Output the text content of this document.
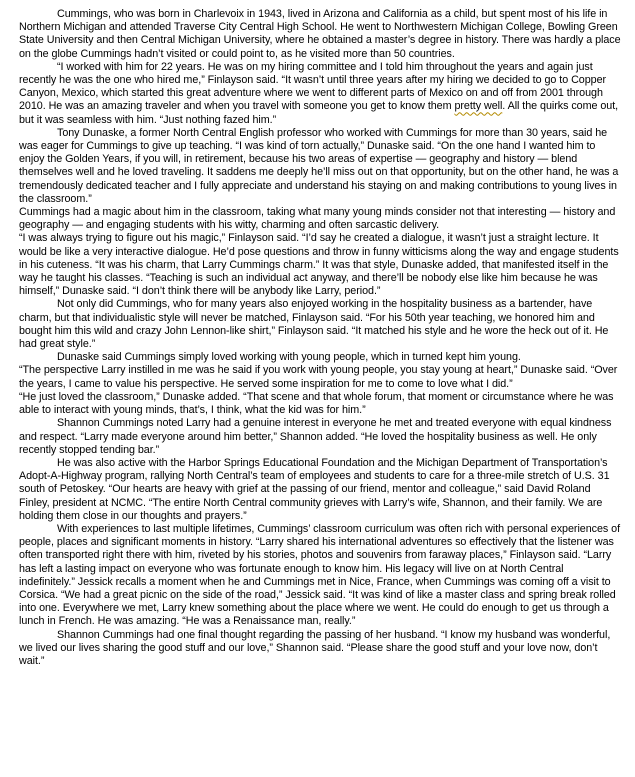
Cummings, who was born in Charlevoix in 1943, lived in Arizona and California as a child, but spent most of his life in Northern Michigan and attended Traverse City Central High School. He went to Northwestern Michigan College, Bowling Green State University and then Central Michigan University, where he obtained a master’s degree in history. There was hardly a place on the globe Cummings hadn’t visited or could point to, as he visited more than 50 countries.

“I worked with him for 22 years. He was on my hiring committee and I told him throughout the years and again just recently he was the one who hired me,” Finlayson said. “It wasn’t until three years after my hiring we decided to go to Copper Canyon, Mexico, which started this great adventure where we went to different parts of Mexico on and off from 2001 through 2010. He was an amazing traveler and when you travel with someone you get to know them pretty well. All the quirks come out, but it was seamless with him. “Just nothing fazed him.”

Tony Dunaske, a former North Central English professor who worked with Cummings for more than 30 years, said he was eager for Cummings to give up teaching. “I was kind of torn actually,” Dunaske said. “On the one hand I wanted him to enjoy the Golden Years, if you will, in retirement, because his two areas of expertise — geography and history — blend themselves well and he loved traveling. It saddens me deeply he’ll miss out on that opportunity, but on the other hand, he was a tremendously dedicated teacher and I fully appreciate and understand his staying on and making contributions to young lives in the classroom.”

Cummings had a magic about him in the classroom, taking what many young minds consider not that interesting — history and geography — and engaging students with his witty, charming and often sarcastic delivery.

“I was always trying to figure out his magic,” Finlayson said. “I’d say he created a dialogue, it wasn’t just a straight lecture. It would be like a very interactive dialogue. He’d pose questions and throw in funny witticisms along the way and engage students in his cuteness. “It was his charm, that Larry Cummings charm.” It was that style, Dunaske added, that manifested itself in the way he taught his classes. “Teaching is such an individual act anyway, and there’ll be nobody else like him because he was himself,” Dunaske said. “I don’t think there will be anybody like Larry, period.”

Not only did Cummings, who for many years also enjoyed working in the hospitality business as a bartender, have charm, but that individualistic style will never be matched, Finlayson said. “For his 50th year teaching, we honored him and bought him this wild and crazy John Lennon-like shirt,” Finlayson said. “It matched his style and he wore the heck out of it. He had great style.”

Dunaske said Cummings simply loved working with young people, which in turned kept him young.

“The perspective Larry instilled in me was he said if you work with young people, you stay young at heart,” Dunaske said. “Over the years, I came to value his perspective. He served some inspiration for me to come to love what I did.”

“He just loved the classroom,” Dunaske added. “That scene and that whole forum, that moment or circumstance where he was able to interact with young minds, that’s, I think, what the kid was for him.”

Shannon Cummings noted Larry had a genuine interest in everyone he met and treated everyone with equal kindness and respect. “Larry made everyone around him better,” Shannon added. “He loved the hospitality business as well. He only recently stopped tending bar.”

He was also active with the Harbor Springs Educational Foundation and the Michigan Department of Transportation’s Adopt-A-Highway program, rallying North Central’s team of employees and students to care for a three-mile stretch of U.S. 31 south of Petoskey. “Our hearts are heavy with grief at the passing of our friend, mentor and colleague,” said David Roland Finley, president at NCMC. “The entire North Central community grieves with Larry’s wife, Shannon, and their family. We are holding them close in our thoughts and prayers.”

With experiences to last multiple lifetimes, Cummings’ classroom curriculum was often rich with personal experiences of people, places and significant moments in history. “Larry shared his international adventures so effectively that the listener was often transported right there with him, riveted by his stories, photos and souvenirs from faraway places,” Finlayson said. “Larry has left a lasting impact on everyone who was fortunate enough to know him. His legacy will live on at North Central indefinitely.” Jessick recalls a moment when he and Cummings met in Nice, France, when Cummings was coming off a visit to Corsica. “We had a great picnic on the side of the road,” Jessick said. “It was kind of like a master class and spring break rolled into one. Everywhere we met, Larry knew something about the place where we went. He could do enough to get us through a lunch in French. He was amazing. “He was a Renaissance man, really.”

Shannon Cummings had one final thought regarding the passing of her husband. “I know my husband was wonderful, we lived our lives sharing the good stuff and our love,” Shannon said. “Please share the good stuff and your love now, don’t wait.”
